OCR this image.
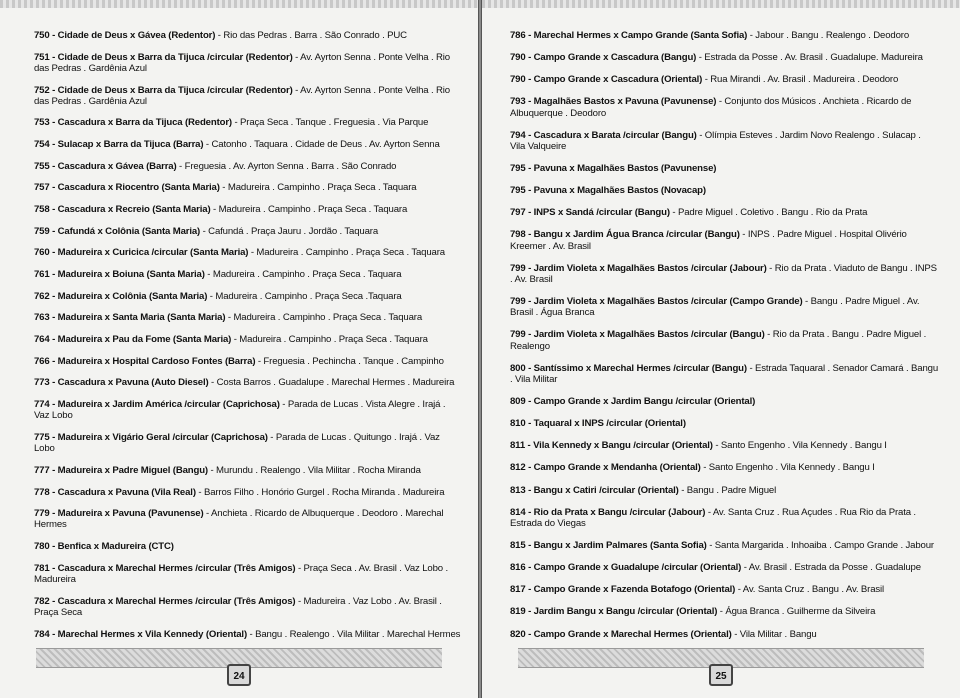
750 - Cidade de Deus x Gávea (Redentor) - Rio das Pedras . Barra . São Conrado . PUC
751 - Cidade de Deus x Barra da Tijuca /circular (Redentor) - Av. Ayrton Senna . Ponte Velha . Rio das Pedras . Gardênia Azul
752 - Cidade de Deus x Barra da Tijuca /circular (Redentor) - Av. Ayrton Senna . Ponte Velha . Rio das Pedras . Gardênia Azul
753 - Cascadura x Barra da Tijuca (Redentor) - Praça Seca . Tanque . Freguesia . Via Parque
754 - Sulacap x Barra da Tijuca (Barra) - Catonho . Taquara . Cidade de Deus . Av. Ayrton Senna
755 - Cascadura x Gávea (Barra) - Freguesia . Av. Ayrton Senna . Barra . São Conrado
757 - Cascadura x Riocentro (Santa Maria) - Madureira . Campinho . Praça Seca . Taquara
758 - Cascadura x Recreio (Santa Maria) - Madureira . Campinho . Praça Seca . Taquara
759 - Cafundá x Colônia (Santa Maria) - Cafundá . Praça Jauru . Jordão . Taquara
760 - Madureira x Curicica /circular (Santa Maria) - Madureira . Campinho . Praça Seca . Taquara
761 - Madureira x Boiuna (Santa Maria) - Madureira . Campinho . Praça Seca . Taquara
762 - Madureira x Colônia (Santa Maria) - Madureira . Campinho . Praça Seca .Taquara
763 - Madureira x Santa Maria (Santa Maria) - Madureira . Campinho . Praça Seca . Taquara
764 - Madureira x Pau da Fome (Santa Maria) - Madureira . Campinho . Praça Seca . Taquara
766 - Madureira x Hospital Cardoso Fontes (Barra) - Freguesia . Pechincha . Tanque . Campinho
773 - Cascadura x Pavuna (Auto Diesel) - Costa Barros . Guadalupe . Marechal Hermes . Madureira
774 - Madureira x Jardim América /circular (Caprichosa) - Parada de Lucas . Vista Alegre . Irajá . Vaz Lobo
775 - Madureira x Vigário Geral /circular (Caprichosa) - Parada de Lucas . Quitungo . Irajá . Vaz Lobo
777 - Madureira x Padre Miguel (Bangu) - Murundu . Realengo . Vila Militar . Rocha Miranda
778 - Cascadura x Pavuna (Vila Real) - Barros Filho . Honório Gurgel . Rocha Miranda . Madureira
779 - Madureira x Pavuna (Pavunense) - Anchieta . Ricardo de Albuquerque . Deodoro . Marechal Hermes
780 - Benfica x Madureira (CTC)
781 - Cascadura x Marechal Hermes /circular (Três Amigos) - Praça Seca . Av. Brasil . Vaz Lobo . Madureira
782 - Cascadura x Marechal Hermes /circular (Três Amigos) - Madureira . Vaz Lobo . Av. Brasil . Praça Seca
784 - Marechal Hermes x Vila Kennedy (Oriental) - Bangu . Realengo . Vila Militar . Marechal Hermes
24
786 - Marechal Hermes x Campo Grande (Santa Sofia) - Jabour . Bangu . Realengo . Deodoro
790 - Campo Grande x Cascadura (Bangu) - Estrada da Posse . Av. Brasil . Guadalupe. Madureira
790 - Campo Grande x Cascadura (Oriental) - Rua Mirandi . Av. Brasil . Madureira . Deodoro
793 - Magalhães Bastos x Pavuna (Pavunense) - Conjunto dos Músicos . Anchieta . Ricardo de Albuquerque . Deodoro
794 - Cascadura x Barata /circular (Bangu) - Olímpia Esteves . Jardim Novo Realengo . Sulacap . Vila Valqueire
795 - Pavuna x Magalhães Bastos (Pavunense)
795 - Pavuna x Magalhães Bastos (Novacap)
797 - INPS x Sandá /circular (Bangu) - Padre Miguel . Coletivo . Bangu . Rio da Prata
798 - Bangu x Jardim Água Branca /circular (Bangu) - INPS . Padre Miguel . Hospital Olivério Kreemer . Av. Brasil
799 - Jardim Violeta x Magalhães Bastos /circular (Jabour) - Rio da Prata . Viaduto de Bangu . INPS . Av. Brasil
799 - Jardim Violeta x Magalhães Bastos /circular (Campo Grande) - Bangu . Padre Miguel . Av. Brasil . Água Branca
799 - Jardim Violeta x Magalhães Bastos /circular (Bangu) - Rio da Prata . Bangu . Padre Miguel . Realengo
800 - Santíssimo x Marechal Hermes /circular (Bangu) - Estrada Taquaral . Senador Camará . Bangu . Vila Militar
809 - Campo Grande x Jardim Bangu /circular (Oriental)
810 - Taquaral x INPS /circular (Oriental)
811 - Vila Kennedy x Bangu /circular (Oriental) - Santo Engenho . Vila Kennedy . Bangu I
812 - Campo Grande x Mendanha (Oriental) - Santo Engenho . Vila Kennedy . Bangu I
813 - Bangu x Catiri /circular (Oriental) - Bangu . Padre Miguel
814 - Rio da Prata x Bangu /circular (Jabour) - Av. Santa Cruz . Rua Açudes . Rua Rio da Prata . Estrada do Viegas
815 - Bangu x Jardim Palmares (Santa Sofia) - Santa Margarida . Inhoaiba . Campo Grande . Jabour
816 - Campo Grande x Guadalupe /circular (Oriental) - Av. Brasil . Estrada da Posse . Guadalupe
817 - Campo Grande x Fazenda Botafogo (Oriental) - Av. Santa Cruz . Bangu . Av. Brasil
819 - Jardim Bangu x Bangu /circular (Oriental) - Água Branca . Guilherme da Silveira
820 - Campo Grande x Marechal Hermes (Oriental) - Vila Militar . Bangu
25
